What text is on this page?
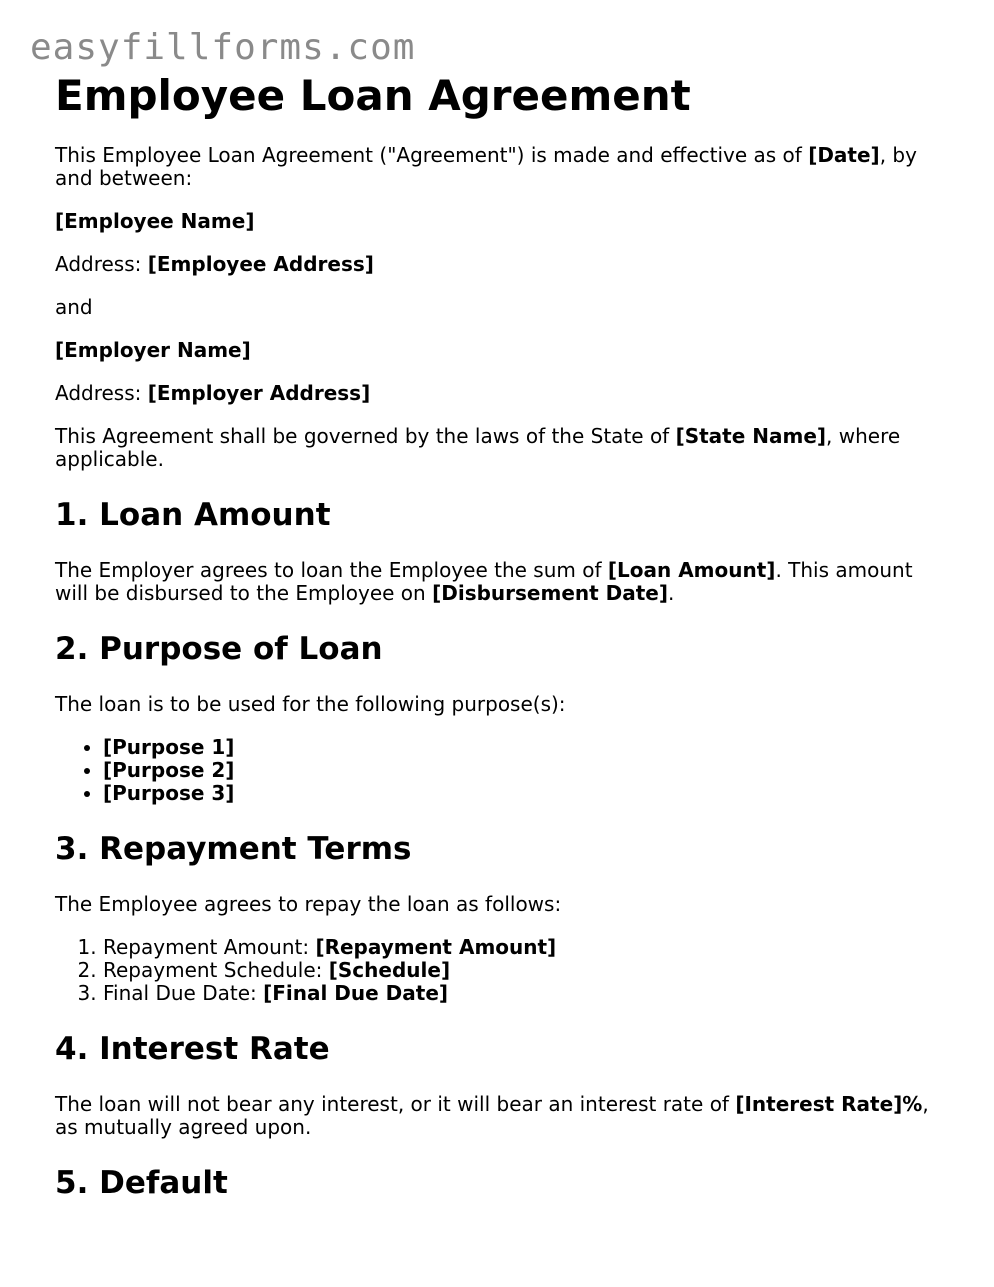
easyfillforms.com
Employee Loan Agreement

This Employee Loan Agreement ("Agreement") is made and effective as of [Date], by and between:

[Employee Name]

Address: [Employee Address]

and

[Employer Name]

Address: [Employer Address]

This Agreement shall be governed by the laws of the State of [State Name], where applicable.

1. Loan Amount

The Employer agrees to loan the Employee the sum of [Loan Amount]. This amount will be disbursed to the Employee on [Disbursement Date].

2. Purpose of Loan

The loan is to be used for the following purpose(s):

• [Purpose 1]
• [Purpose 2]
• [Purpose 3]
3. Repayment Terms

The Employee agrees to repay the loan as follows:

1. Repayment Amount: [Repayment Amount]
2. Repayment Schedule: [Schedule]
3. Final Due Date: [Final Due Date]
4. Interest Rate

The loan will not bear any interest, or it will bear an interest rate of [Interest Rate]%, as mutually agreed upon.

5. Default
